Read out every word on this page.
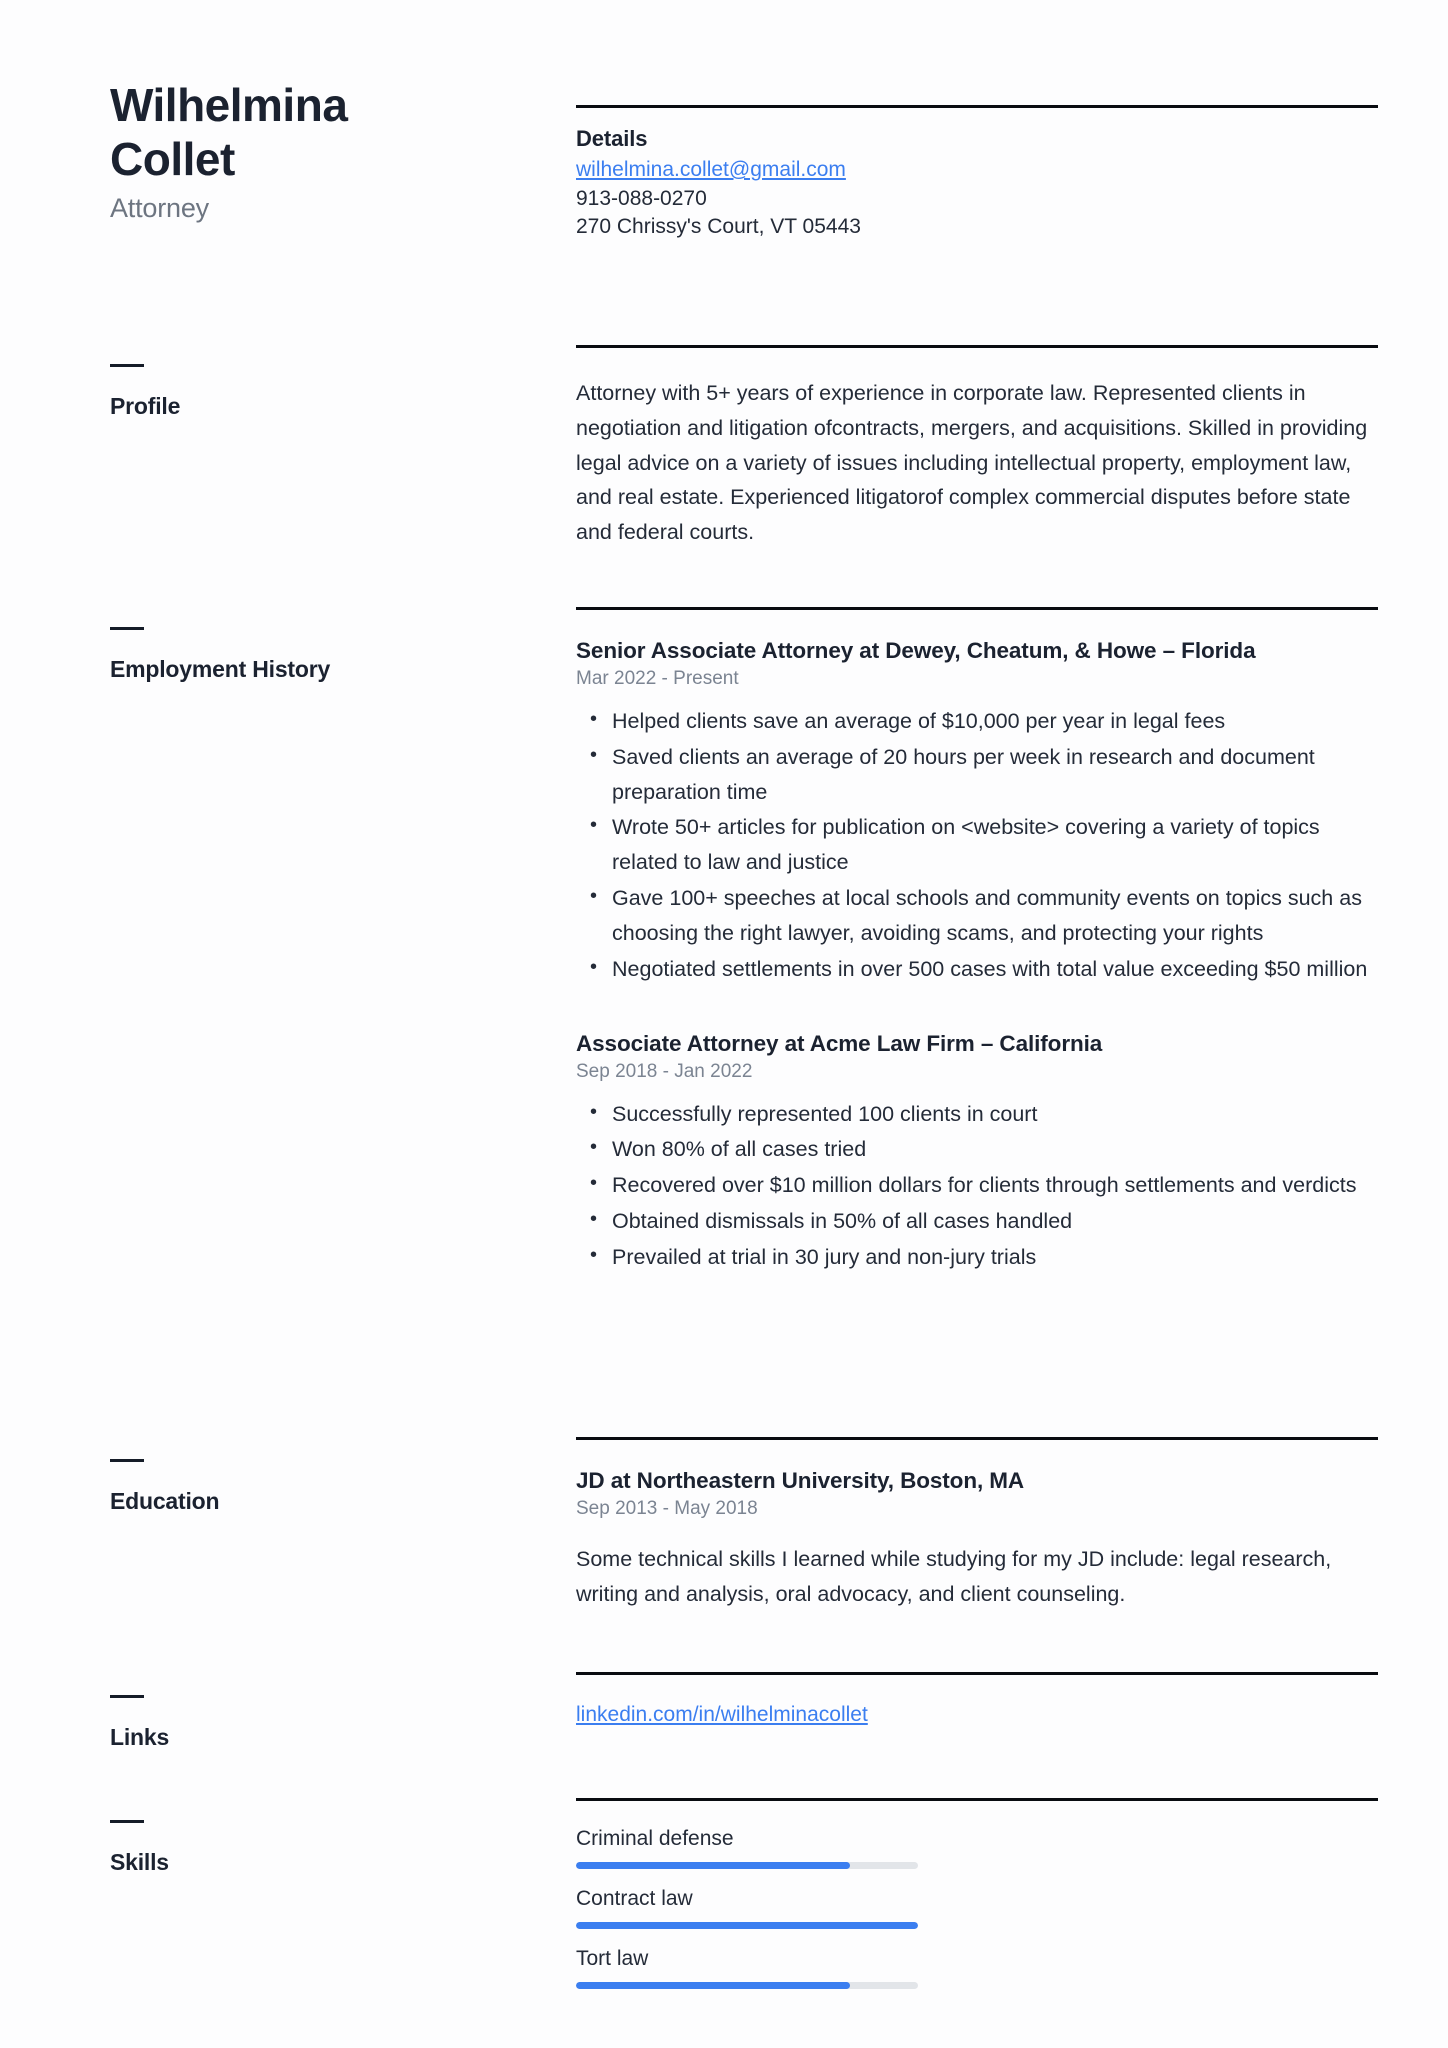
Wilhelmina
Collet
Attorney
Profile
Employment History
Education
Links
Skills
Details
wilhelmina.collet@gmail.com
913-088-0270
270 Chrissy's Court, VT 05443

Attorney with 5+ years of experience in corporate law. Represented clients in negotiation and litigation ofcontracts, mergers, and acquisitions. Skilled in providing legal advice on a variety of issues including intellectual property, employment law, and real estate. Experienced litigatorof complex commercial disputes before state and federal courts.

Senior Associate Attorney at Dewey, Cheatum, & Howe – Florida
Mar 2022 - Present
• Helped clients save an average of $10,000 per year in legal fees
• Saved clients an average of 20 hours per week in research and document preparation time
• Wrote 50+ articles for publication on <website> covering a variety of topics related to law and justice
• Gave 100+ speeches at local schools and community events on topics such as choosing the right lawyer, avoiding scams, and protecting your rights
• Negotiated settlements in over 500 cases with total value exceeding $50 million
Associate Attorney at Acme Law Firm – California
Sep 2018 - Jan 2022
• Successfully represented 100 clients in court
• Won 80% of all cases tried
• Recovered over $10 million dollars for clients through settlements and verdicts
• Obtained dismissals in 50% of all cases handled
• Prevailed at trial in 30 jury and non-jury trials
JD at Northeastern University, Boston, MA
Sep 2013 - May 2018

Some technical skills I learned while studying for my JD include: legal research, writing and analysis, oral advocacy, and client counseling.

linkedin.com/in/wilhelminacollet
Criminal defense
Contract law
Tort law
